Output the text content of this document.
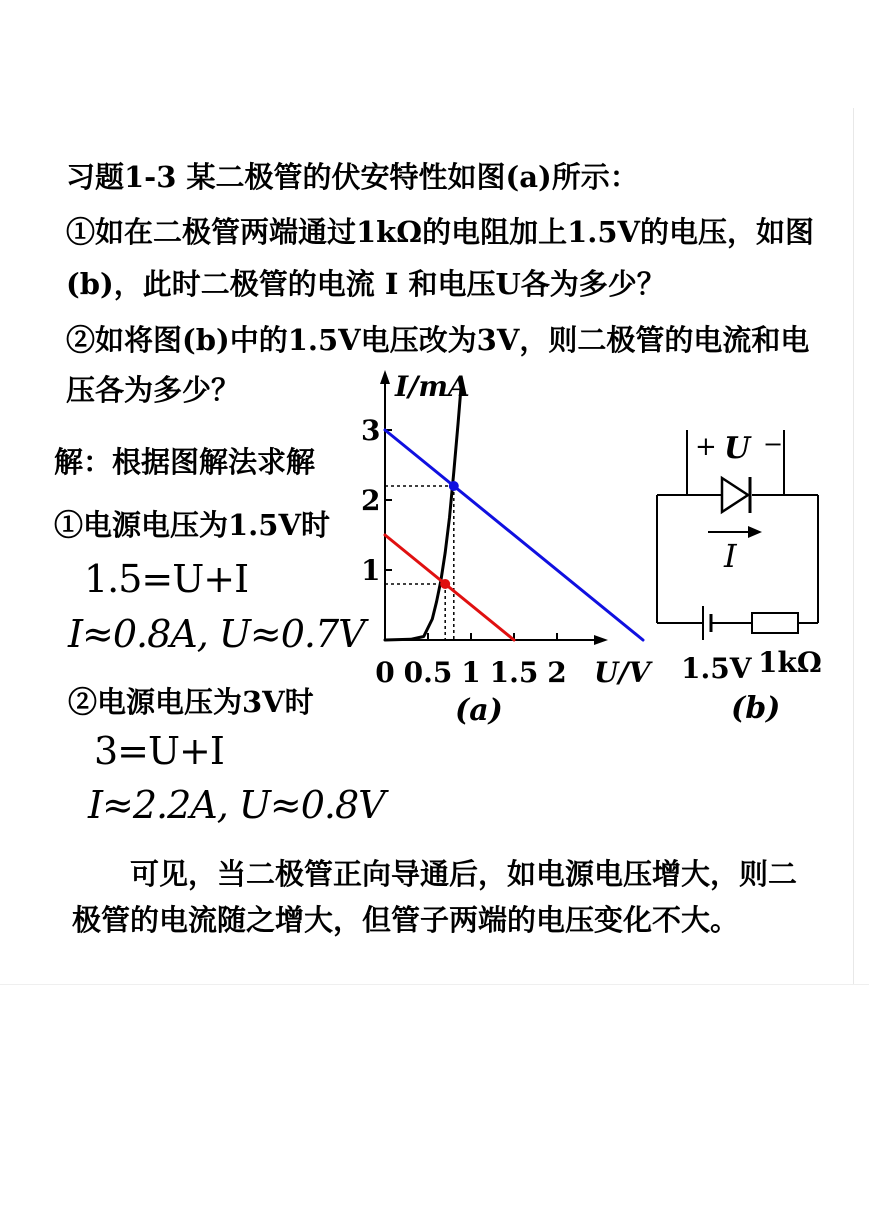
习题1-3 某二极管的伏安特性如图(a)所示：
①如在二极管两端通过1kΩ的电阻加上1.5V的电压，如图
(b)，此时二极管的电流 I 和电压U各为多少？
②如将图(b)中的1.5V电压改为3V，则二极管的电流和电
压各为多少？
解：根据图解法求解
①电源电压为1.5V时
1.5=U+I
I≈0.8A, U≈0.7V
②电源电压为3V时
3=U+I
I≈2.2A, U≈0.8V
可见，当二极管正向导通后，如电源电压增大，则二
极管的电流随之增大，但管子两端的电压变化不大。
I/mA
U/V
1
2
3
0 0.5 1 1.5 2
(a)
+ U −
I
1.5V 1kΩ
(b)
